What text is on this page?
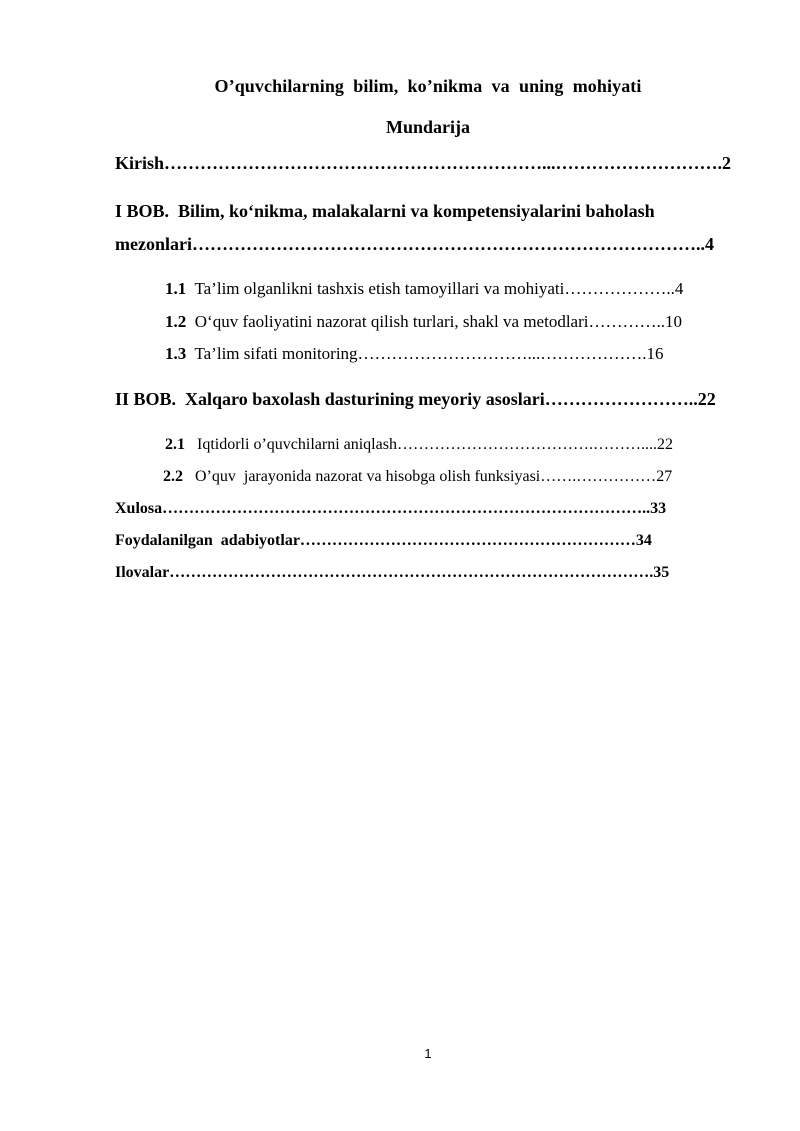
O’quvchilarning  bilim,  ko’nikma  va  uning  mohiyati
Mundarija
Kirish………………………………………………………...……………………….2
I BOB.  Bilim, ko‘nikma, malakalarni va kompetensiyalarini baholash
mezonlari…………………………………………………………………………..4
1.1  Ta’lim olganlikni tashxis etish tamoyillari va mohiyati………………..4
1.2  O‘quv faoliyatini nazorat qilish turlari, shakl va metodlari…………..10
1.3  Ta’lim sifati monitoring…………………………...……………….16
II BOB.  Xalqaro baxolash dasturining meyoriy asoslari……………………..22
2.1   Iqtidorli o’quvchilarni aniqlash……………………………….………....22
2.2   O’quv  jarayonida nazorat va hisobga olish funksiyasi…….……………27
Xulosa………………………………………………………………………………..33
Foydalanilgan  adabiyotlar………………………………………………………34
Ilovalar……………………………………………………………………………….35
1
